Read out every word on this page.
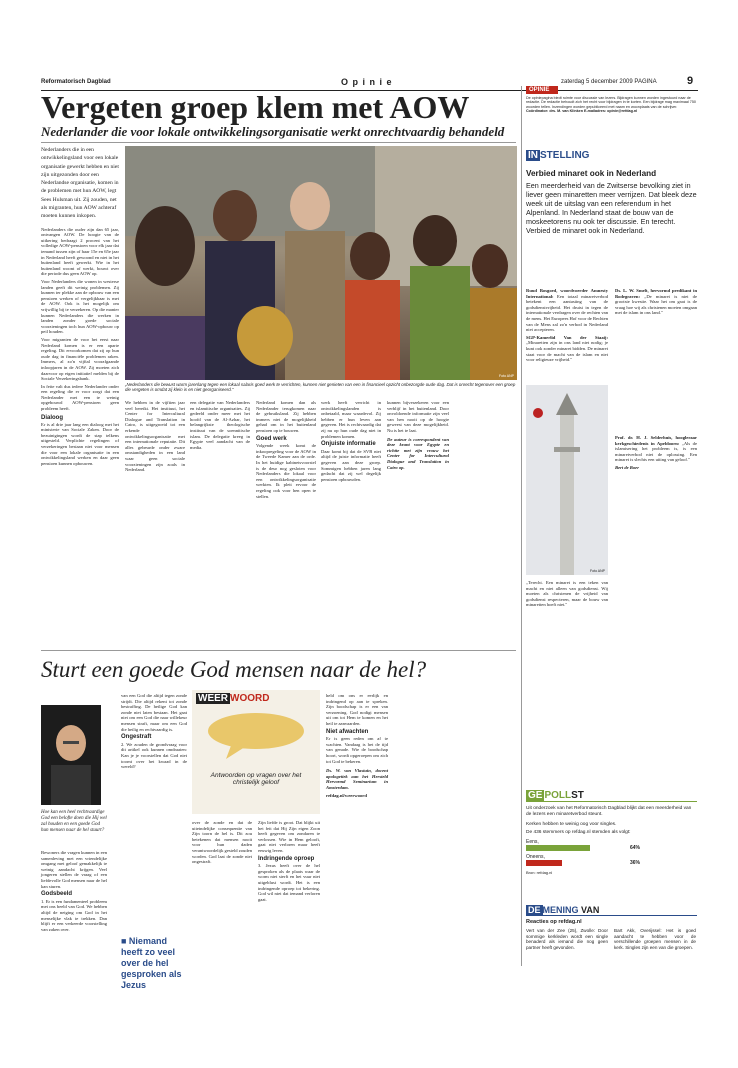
Reformatorisch Dagblad	O p i n i e	zaterdag 5 december 2009 PAGINA	9
Vergeten groep klem met AOW
Nederlander die voor lokale ontwikkelingsorganisatie werkt onrechtvaardig behandeld
OPINIE
De opiniepagina biedt ruimte voor discussie van lezers. Bijdragen kunnen worden ingestuurd naar de redactie. De redactie behoudt zich het recht voor bijdragen in te korten. Een bijdrage mag maximaal 750 woorden tellen. Inzendingen worden gepubliceerd met naam en woonplaats van de schrijver.
Coördinator: drs. M. van Klinken E-mailadres: opinie@refdag.nl

Nederlanders die in een ontwikkelingsland voor een lokale organisatie gewerkt hebben en niet zijn uitgezonden door een Nederlandse organisatie, komen in de problemen met hun AOW, legt Sees Hulsman uit. Zij zouden, net als migranten, hun AOW achteraf moeten kunnen inkopen.

Nederlanders die ouder zijn dan 65 jaar, ontvangen AOW. De hoogte van de uitkering bedraagt 2 procent van het volledige AOW-pensioen voor elk jaar dat iemand tussen zijn of haar 15e en 65e jaar in Nederland heeft gewoond en niet in het buitenland heeft gewerkt. Wie in het buitenland woont of werkt, bouwt over die periode dus geen AOW op.

Voor Nederlanders die wonen in westerse landen geeft dit weinig problemen. Zij kunnen ter plekke aan de opbouw van een pensioen werken of vergelijkbaar is met de AOW. Ook is het mogelijk om vrijwillig bij te verzekeren. Op die manier kunnen Nederlanders die werken in landen zonder goede sociale voorzieningen toch hun AOW-opbouw op peil houden.

Voor migranten de voor het eerst naar Nederland komen is er een aparte regeling. Dit ervoorkomen dat zij op hun oude dag in financiële problemen raken. Immers, al zo'n vijftal voorafgaande inloopjaren in de AOW. Zij moeten zich daarvoor op eigen initiatief melden bij de Sociale Verzekeringsbank.

In feite valt dus iedere Nederlander onder een regeling die er voor zorgt dat een Nederlander met een te weinig opgebouwd AOW-pensioen geen probleem heeft.

Dialoog

Er is al drie jaar lang een dialoog met het ministerie van Sociale Zaken. Door de bezuinigingen wordt de stap telkens uitgesteld. Verplichte regelingen of verzekeringen bestaan niet voor mensen die voor een lokale organisatie in een ontwikkelingsland werken en daar geen pensioen kunnen opbouwen.

Foto ANP
„Nederlanders die bewust warm jarenlang tegen een lokaal salaris goed werk te verrichten, kunnen niet genieten van een in financieel opzicht onbezorgde oude dag. Dat is onrecht tegenover een groep die vergeten is omdat zij klein is en niet georganiseerd."

We hebben in de vijftien jaar veel bereikt. Het instituut, het Center for Intercultural Dialogue and Translation in Cairo, is uitgegroeid tot een erkende ontwikkelingsorganisatie met een internationale reputatie. Dit alles gebeurde onder zware omstandigheden in een land waar geen sociale voorzieningen zijn zoals in Nederland.

een delegatie van Nederlanders en islamitische organisaties. Zij gedeeld onder meer met het hoofd van de Al-Azhar, het belangrijkste theologische instituut van de soennitische islam. De delegatie kreeg in Egypte veel aandacht van de media.

Nederland komen dan als Nederlander terugkomen naar de gebruiksland. Zij hebben immers niet de mogelijkheid gehad om in het buitenland pensioen op te bouwen.

Goed werk

Volgende week komt de inkoopregeling voor de AOW in de Tweede Kamer aan de orde. In het huidige kabinetsvoorstel is de deur nog gesloten voor Nederlanders die lokaal voor een ontwikkelingsorganisatie werkten. Ik pleit ervoor de regeling ook voor hen open te stellen.

werk heeft verricht in ontwikkelingslanden is onbetaald, maar waardevol. Zij hebben er hun leven aan gegeven. Het is rechtvaardig dat zij nu op hun oude dag niet in problemen komen.

Onjuiste informatie

Daar komt bij dat de SVB niet altijd de juiste informatie heeft gegeven aan deze groep. Sommigen hebben jaren lang gedacht dat zij wel degelijk pensioen opbouwden.

kunnen bijverzekeren voor een verblijf in het buitenland. Door onvoldoende informatie zijn veel van hen nooit op de hoogte geweest van deze mogelijkheid. Nu is het te laat.

De auteur is correspondent van deze krant voor Egypte en richtte met zijn vrouw het Center for Intercultural Dialogue and Translation in Cairo op.

IN STELLING
Verbied minaret ook in Nederland
Een meerderheid van de Zwitserse bevolking ziet in liever geen minaretten meer verrijzen. Dat bleek deze week uit de uitslag van een referendum in het Alpenland. In Nederland staat de bouw van de moskeetorens nu ook ter discussie. En terecht. Verbied de minaret ook in Nederland.

Ruud Bosgoed, woordvoerder Amnesty International: Een totaal minaretverbod betekent een aantasting van de godsdienstvrijheid. Het druist in tegen de internationale verdragen over de rechten van de mens. Het Europees Hof voor de Rechten van de Mens zal zo'n verbod in Nederland niet accepteren.

SGP-Kamerlid Van der Staaij: „Minaretten zijn in ons land niet nodig; je kunt ook zonder minaret bidden. De minaret staat voor de macht van de islam en niet voor religieuze vrijheid."

Ds. L. W. Smelt, hervormd predikant in Bodegraven: „De minaret is niet de grootste kwestie. Waar het om gaat is de vraag hoe wij als christenen moeten omgaan met de islam in ons land."

Foto ANP

„Terecht. Een minaret is een teken van macht en niet alleen van godsdienst. Wij moeten als christenen de vrijheid van godsdienst respecteren, maar de bouw van minaretten hoeft niet."

Prof. dr. H. J. Selderhuis, hoogleraar kerkgeschiedenis in Apeldoorn: „Als de islamisering het probleem is, is een minaretverbod niet de oplossing. Een minaret is slechts een uiting van geloof."

Bert de Boer

Sturt een goede God mensen naar de hel?
Hoe kan een heel rechtvaardige God een belofte doen die Hij wel zal houden en een goede God hun mensen naar de hel stuurt?

Bewoners die vragen kunnen in een samenleving met een vriendelijke omgang met geloof gemakkelijk te weinig aandacht krijgen. Veel jongeren stellen de vraag of een liefdevolle God mensen naar de hel kan sturen.

Godsbeeld

1. Er is een fundamenteel probleem met ons beeld van God. We hebben altijd de neiging om God in het menselijke vlak te trekken. Dan blijft er een verkeerde voorstelling van zaken over.

van een God die altijd tegen zonde strijdt. Die altijd rekent tot zonde bestraffing. De heilige God kan zonde niet laten bestaan. Het gaat niet om een God die naar willekeur mensen straft, maar om een God die heilig en rechtvaardig is.

Ongestraft

2. We zouden de grondvraag voor dit artikel ook kunnen omdraaien: Kan je je voorstellen dat God niet toornt over het kwaad in de wereld?

■ Niemand heeft zo veel over de hel gesproken als Jezus
WEER WOORD
Antwoorden op vragen over het christelijk geloof

over de zonde en dat de uiteindelijke consequentie van Zijn toorn de hel is. Dit zou betekenen dat mensen nooit voor hun daden verantwoordelijk gesteld zouden worden. God laat de zonde niet ongestraft.

Zijn liefde is groot. Dat blijkt uit het feit dat Hij Zijn eigen Zoon heeft gegeven om zondaren te verlossen. Wie in Hem gelooft, gaat niet verloren maar heeft eeuwig leven.

Indringende oproep

3. Jezus heeft over de hel gesproken als de plaats waar de worm niet sterft en het vuur niet uitgeblust wordt. Het is een indringende oproep tot bekering. God wil niet dat iemand verloren gaat.

held om ons er eerlijk en indringend op aan te spreken. Zijn boodschap is er een van verzoening. God nodigt mensen uit om tot Hem te komen en het heil te aanvaarden.

Niet afwachten

Er is geen reden om af te wachten. Vandaag is het de tijd van genade. Wie de boodschap hoort, wordt opgeroepen om zich tot God te bekeren.

Ds. W. van Vlastuin, docent apologetiek aan het Hersteld Hervormd Seminarium in Amsterdam.

refdag.nl/weerwoord	GE POLLST
Uit onderzoek van het Reformatorisch Dagblad blijkt dat een meerderheid van de lezers een minaretverbod steunt.
Kerken hebben te weinig oog voor singles.
De 436 stemmers op refdag.nl stemden als volgt:
Eens,
64%
Oneens,
36%
Bron: refdag.nl
DE MENING VAN
Reacties op refdag.nl
Vert van der Zee (25), Zwolle: Door sommige kerkleden wordt een single benaderd als iemand die nog geen partner heeft gevonden.
Bart Akk, Overijssel: Het is goed aandacht te hebben voor de verschillende groepen mensen in de kerk. Singles zijn een van die groepen.
